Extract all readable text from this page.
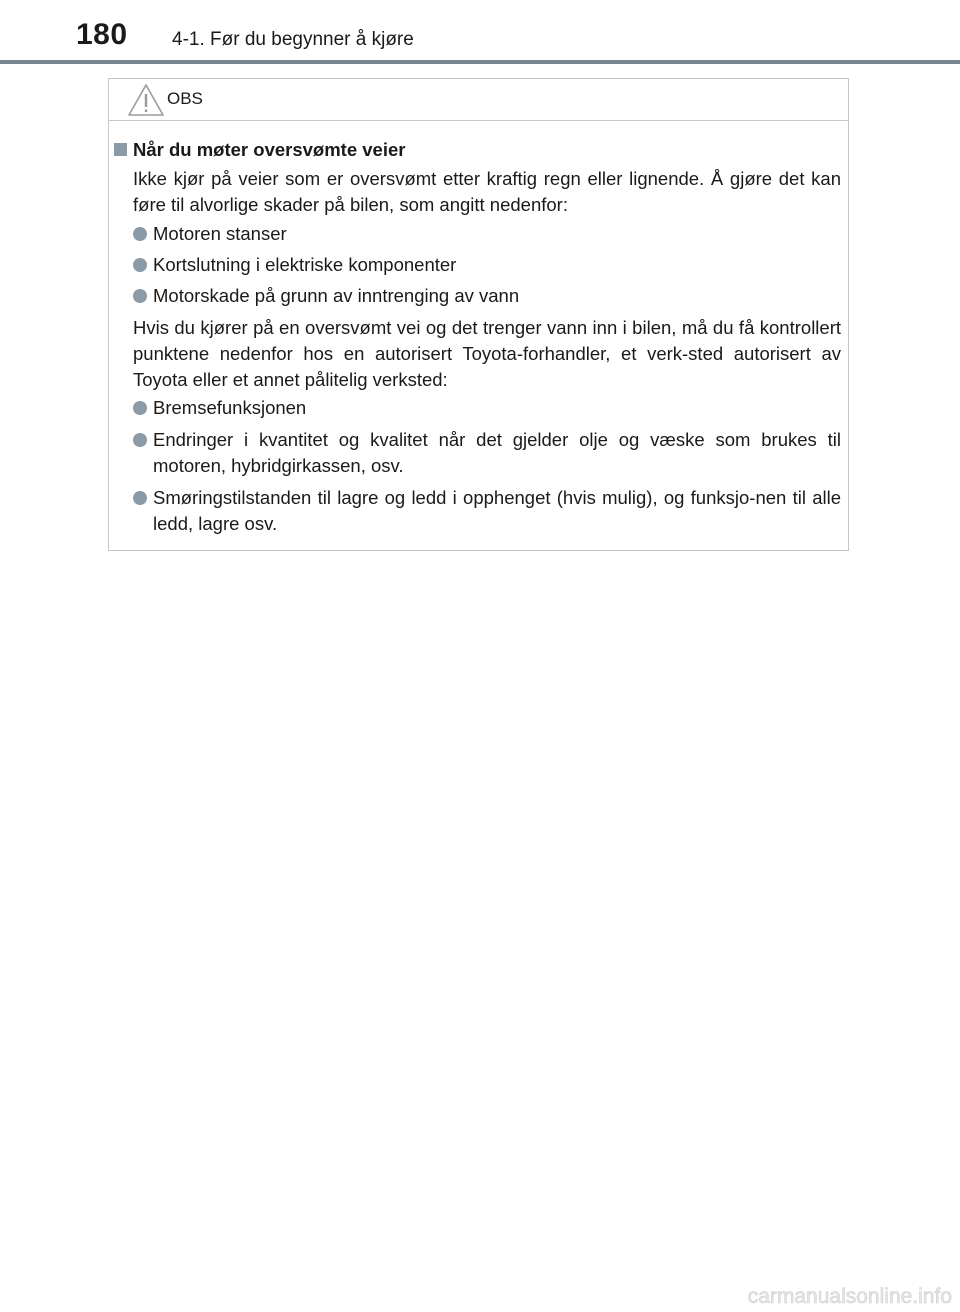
180 4-1. Før du begynner å kjøre
OBS
Når du møter oversvømte veier
Ikke kjør på veier som er oversvømt etter kraftig regn eller lignende. Å gjøre det kan føre til alvorlige skader på bilen, som angitt nedenfor:
Motoren stanser
Kortslutning i elektriske komponenter
Motorskade på grunn av inntrenging av vann
Hvis du kjører på en oversvømt vei og det trenger vann inn i bilen, må du få kontrollert punktene nedenfor hos en autorisert Toyota-forhandler, et verk-sted autorisert av Toyota eller et annet pålitelig verksted:
Bremsefunksjonen
Endringer i kvantitet og kvalitet når det gjelder olje og væske som brukes til motoren, hybridgirkassen, osv.
Smøringstilstanden til lagre og ledd i opphenget (hvis mulig), og funksjo-nen til alle ledd, lagre osv.
carmanualsonline.info
